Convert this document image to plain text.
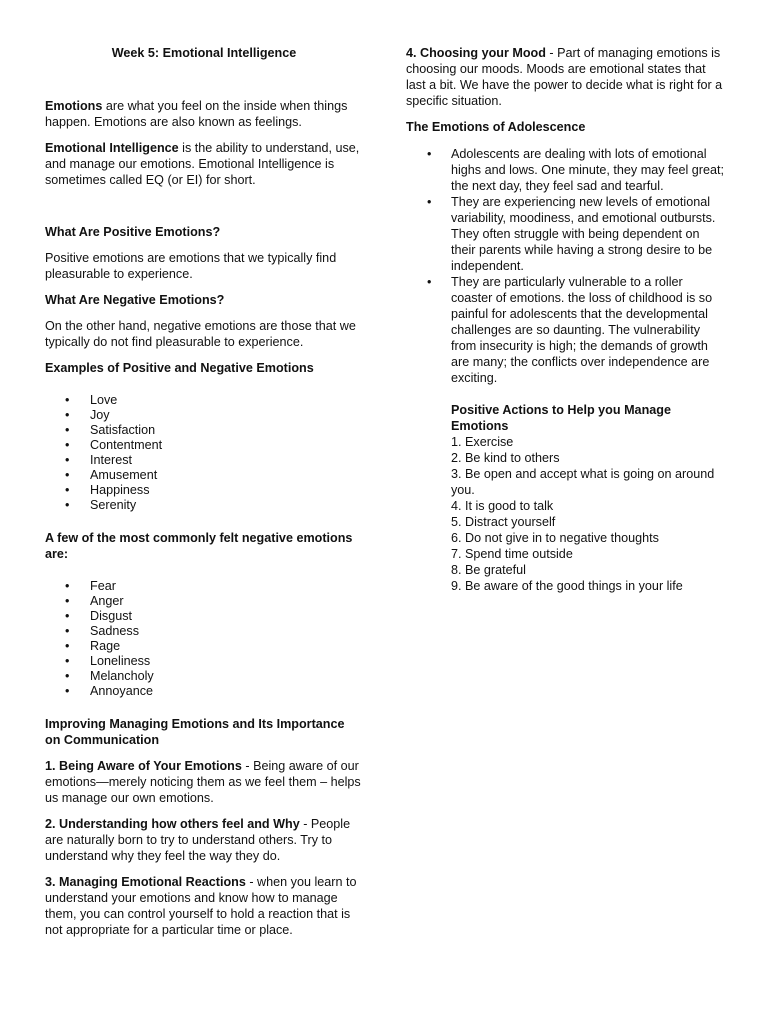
Week 5: Emotional Intelligence

Emotions are what you feel on the inside when things happen. Emotions are also known as feelings.

Emotional Intelligence is the ability to understand, use, and manage our emotions. Emotional Intelligence is sometimes called EQ (or EI) for short.

What Are Positive Emotions?

Positive emotions are emotions that we typically find pleasurable to experience.

What Are Negative Emotions?

On the other hand, negative emotions are those that we typically do not find pleasurable to experience.

Examples of Positive and Negative Emotions

• Love
• Joy
• Satisfaction
• Contentment
• Interest
• Amusement
• Happiness
• Serenity

A few of the most commonly felt negative emotions are:

• Fear
• Anger
• Disgust
• Sadness
• Rage
• Loneliness
• Melancholy
• Annoyance

Improving Managing Emotions and Its Importance on Communication

1. Being Aware of Your Emotions - Being aware of our emotions—merely noticing them as we feel them – helps us manage our own emotions.

2. Understanding how others feel and Why - People are naturally born to try to understand others. Try to understand why they feel the way they do.

3. Managing Emotional Reactions - when you learn to understand your emotions and know how to manage them, you can control yourself to hold a reaction that is not appropriate for a particular time or place.

4. Choosing your Mood - Part of managing emotions is choosing our moods. Moods are emotional states that last a bit. We have the power to decide what is right for a specific situation.

The Emotions of Adolescence

• Adolescents are dealing with lots of emotional highs and lows. One minute, they may feel great; the next day, they feel sad and tearful.
• They are experiencing new levels of emotional variability, moodiness, and emotional outbursts. They often struggle with being dependent on their parents while having a strong desire to be independent.
• They are particularly vulnerable to a roller coaster of emotions. the loss of childhood is so painful for adolescents that the developmental challenges are so daunting. The vulnerability from insecurity is high; the demands of growth are many; the conflicts over independence are exciting.

Positive Actions to Help you Manage Emotions

1. Exercise
2. Be kind to others
3. Be open and accept what is going on around you.
4. It is good to talk
5. Distract yourself
6. Do not give in to negative thoughts
7. Spend time outside
8. Be grateful
9. Be aware of the good things in your life
